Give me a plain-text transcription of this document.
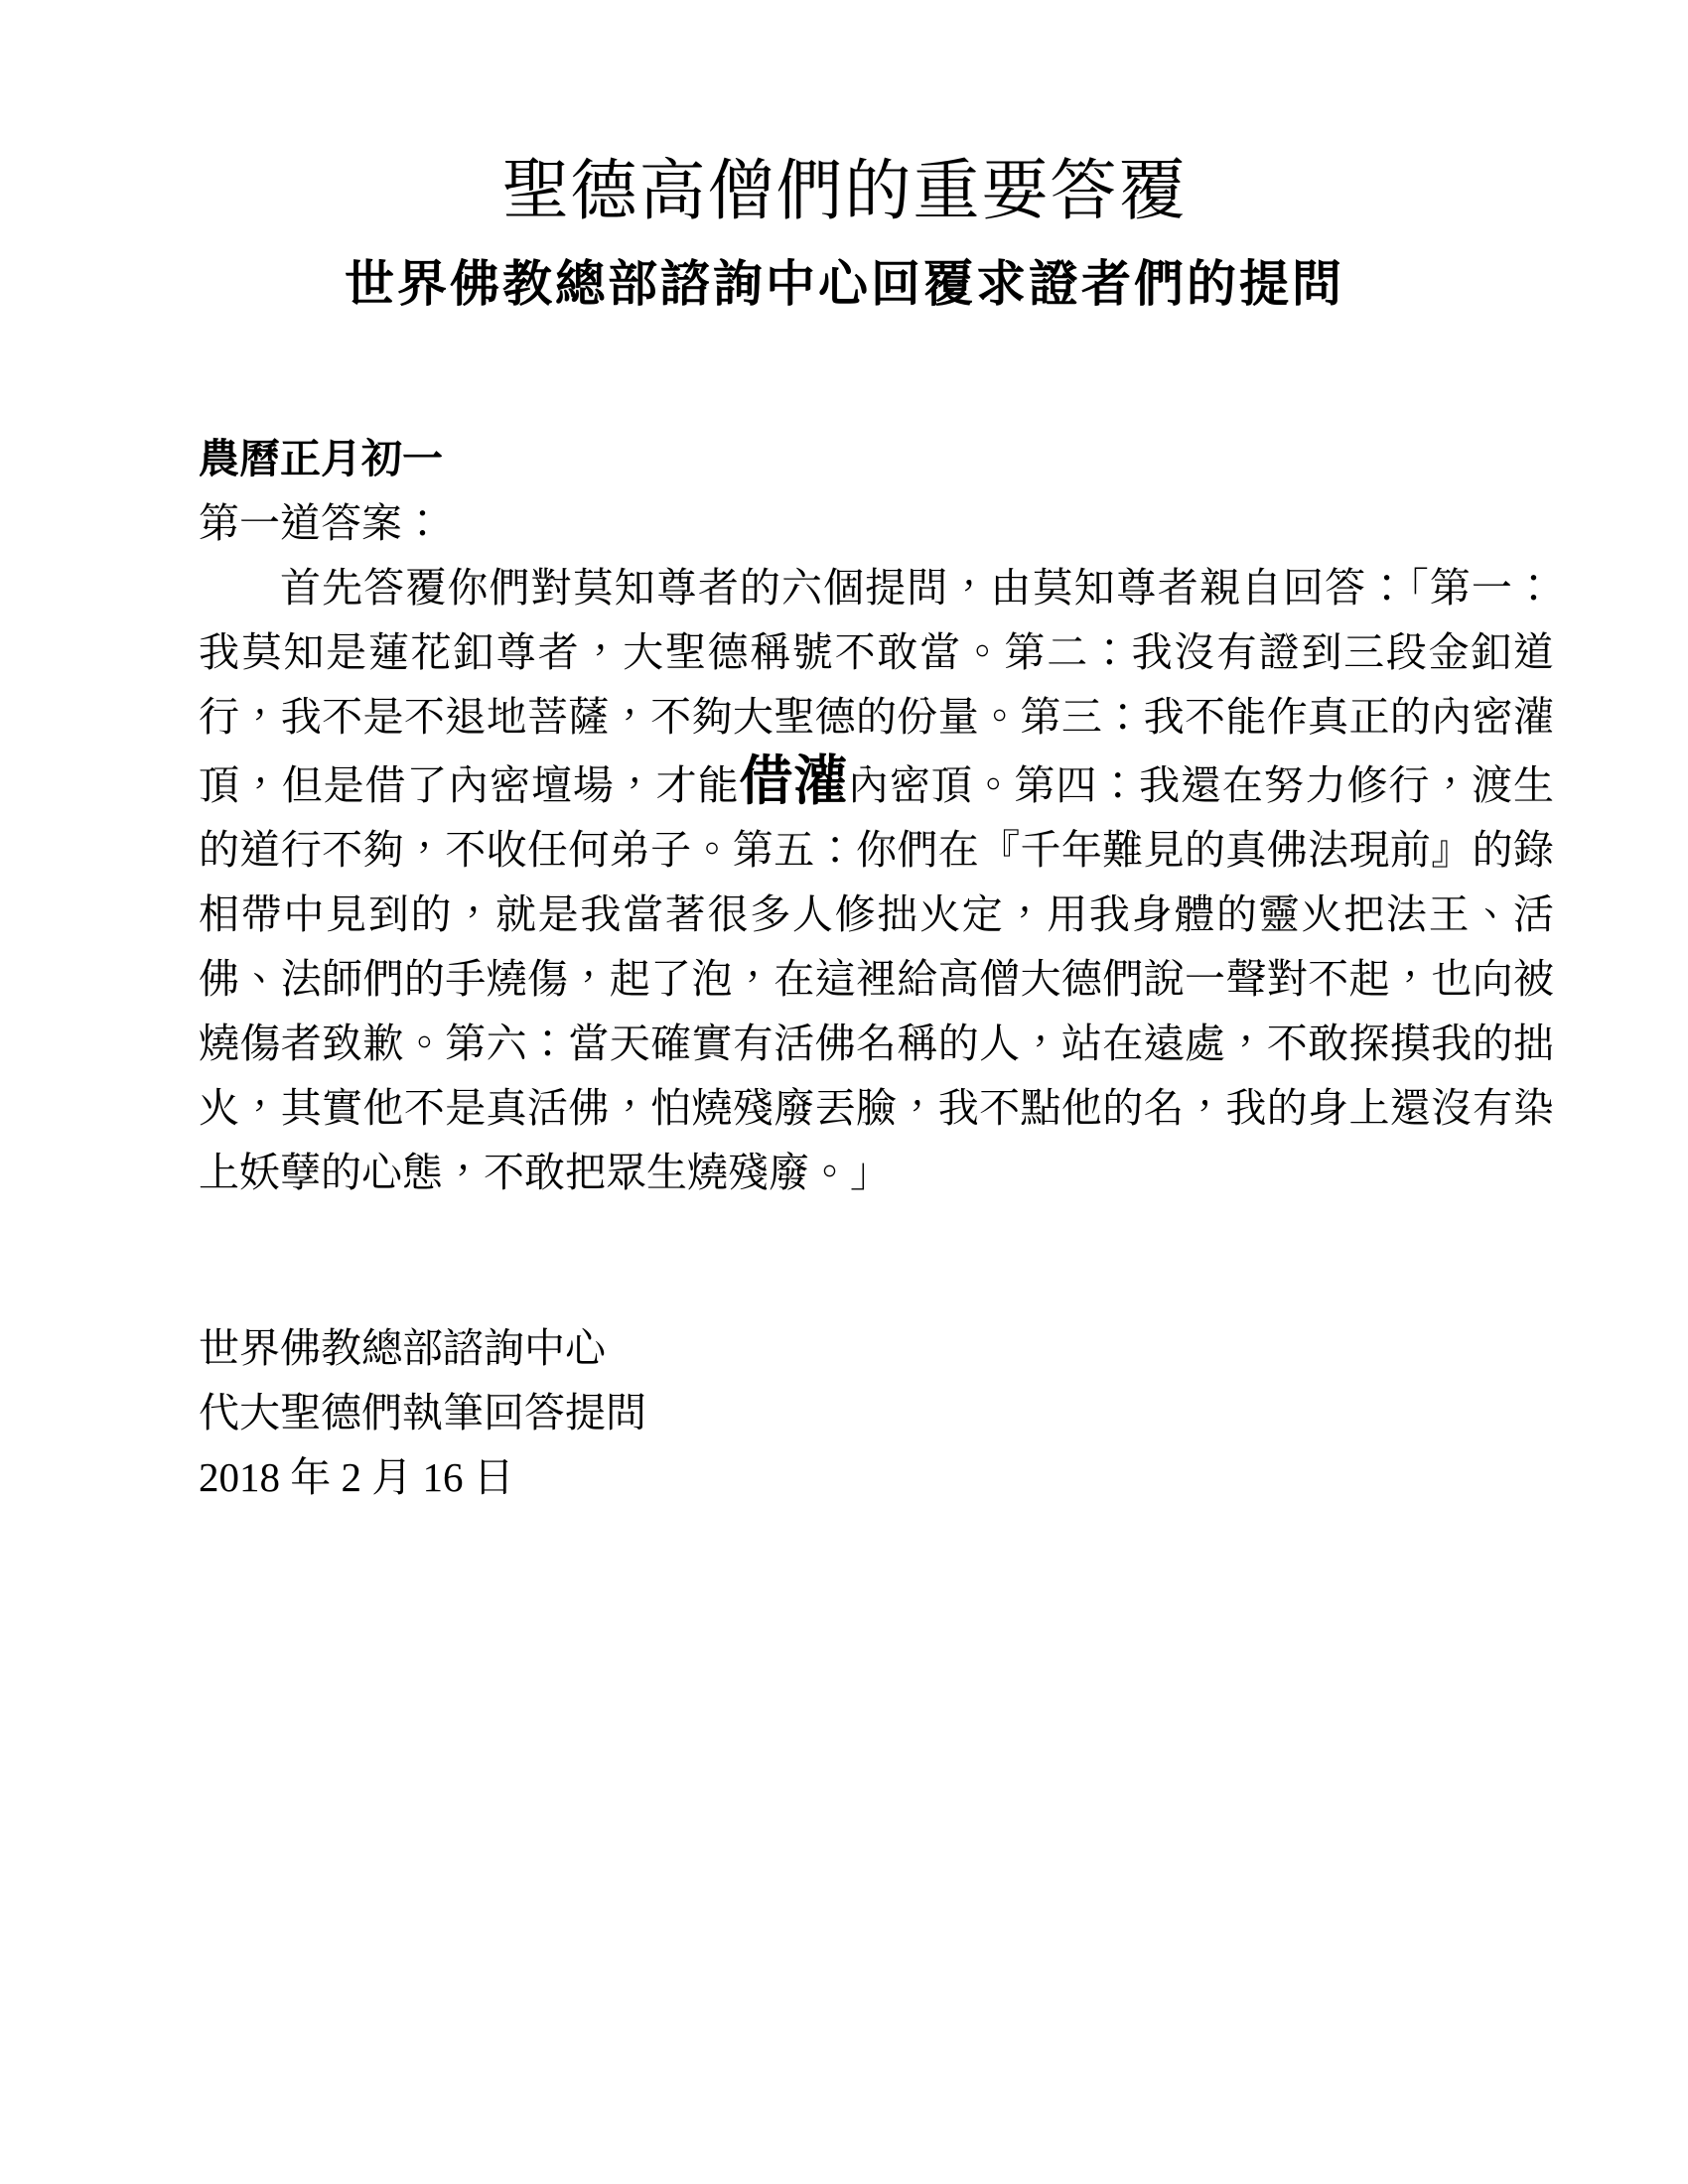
聖德高僧們的重要答覆
世界佛教總部諮詢中心回覆求證者們的提問

農曆正月初一

第一道答案：

首先答覆你們對莫知尊者的六個提問，由莫知尊者親自回答：「第一：我莫知是蓮花釦尊者，大聖德稱號不敢當。第二：我沒有證到三段金釦道行，我不是不退地菩薩，不夠大聖德的份量。第三：我不能作真正的內密灌頂，但是借了內密壇場，才能借灌內密頂。第四：我還在努力修行，渡生的道行不夠，不收任何弟子。第五：你們在『千年難見的真佛法現前』的錄相帶中見到的，就是我當著很多人修拙火定，用我身體的靈火把法王、活佛、法師們的手燒傷，起了泡，在這裡給高僧大德們說一聲對不起，也向被燒傷者致歉。第六：當天確實有活佛名稱的人，站在遠處，不敢探摸我的拙火，其實他不是真活佛，怕燒殘廢丟臉，我不點他的名，我的身上還沒有染上妖孽的心態，不敢把眾生燒殘廢。」

世界佛教總部諮詢中心

代大聖德們執筆回答提問

2018 年 2 月 16 日
